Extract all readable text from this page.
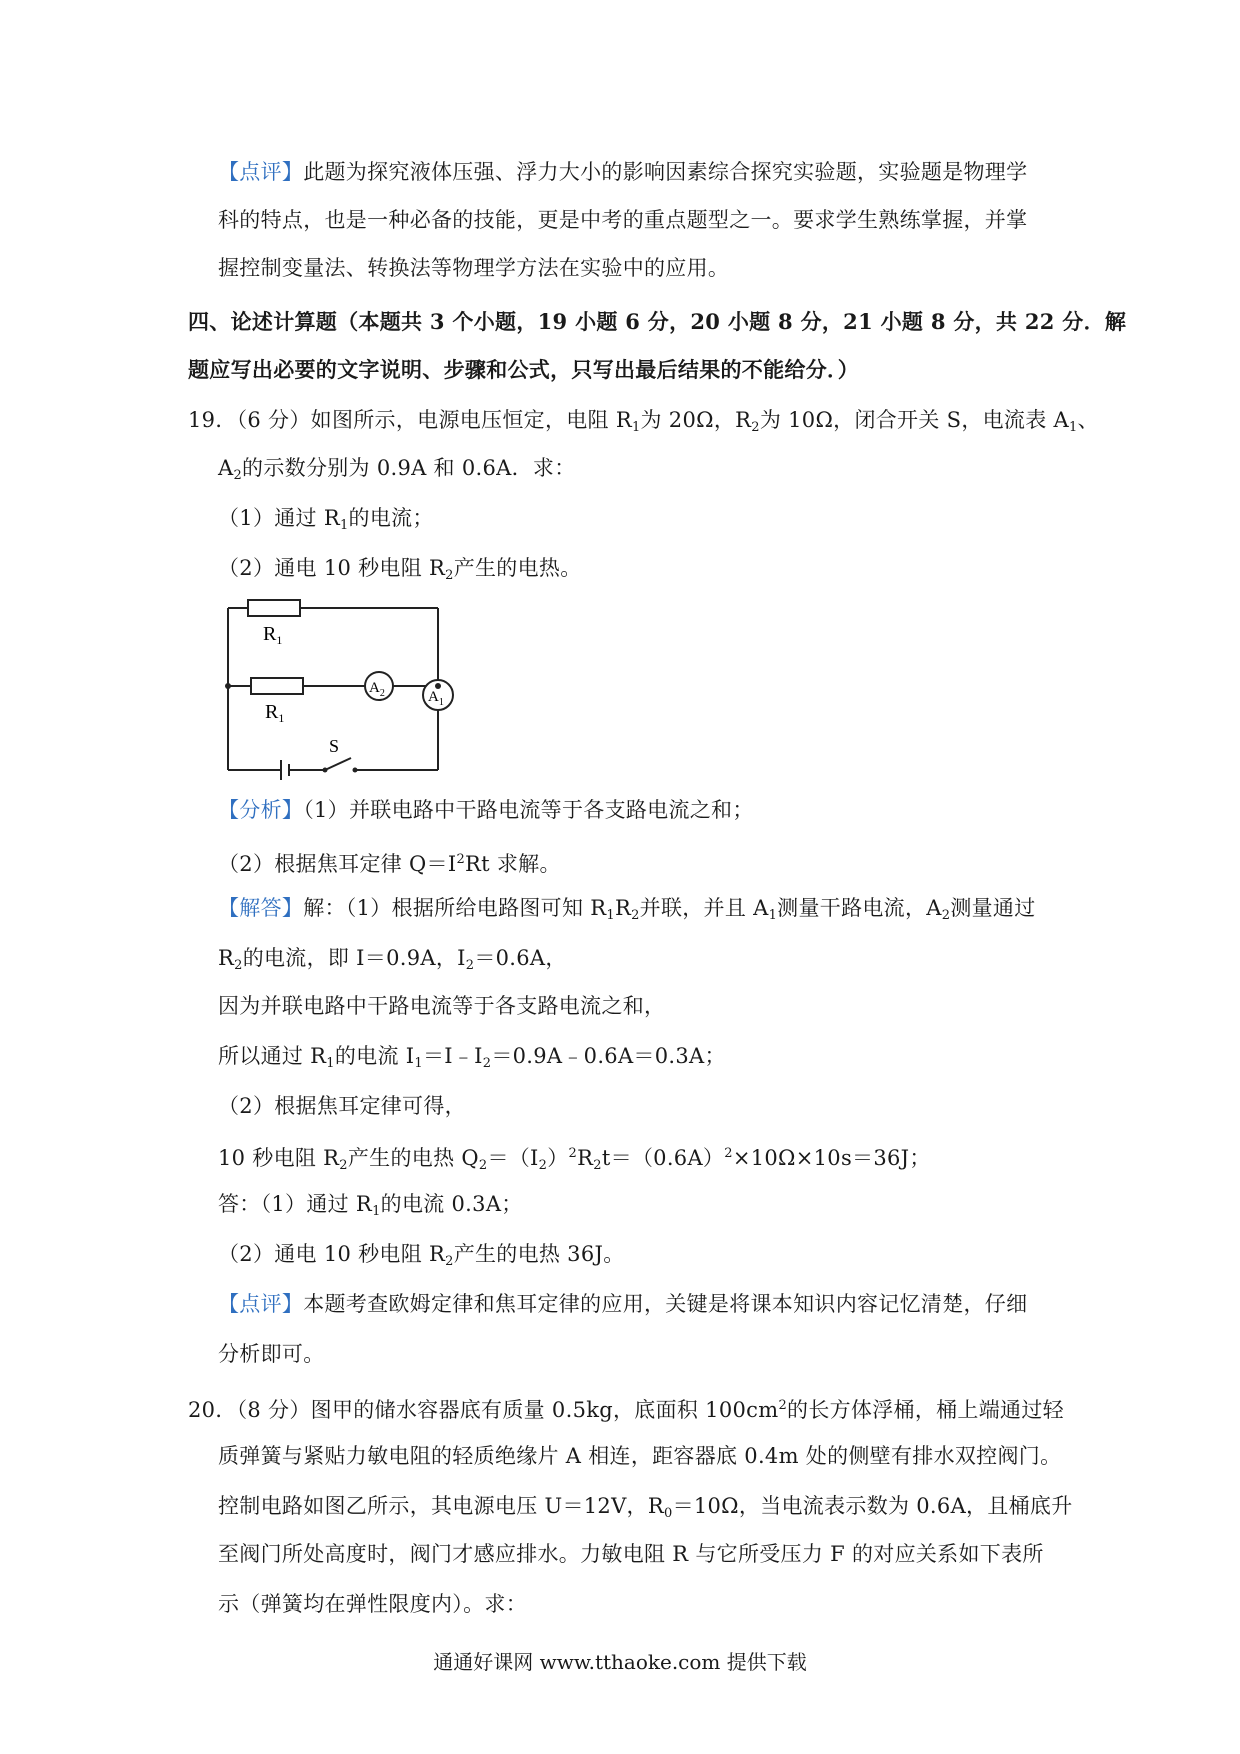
【点评】此题为探究液体压强、浮力大小的影响因素综合探究实验题，实验题是物理学
科的特点，也是一种必备的技能，更是中考的重点题型之一。要求学生熟练掌握，并掌
握控制变量法、转换法等物理学方法在实验中的应用。
四、论述计算题（本题共 3 个小题，19 小题 6 分，20 小题 8 分，21 小题 8 分，共 22 分．解
题应写出必要的文字说明、步骤和公式，只写出最后结果的不能给分．）
19．（6 分）如图所示，电源电压恒定，电阻 $R_1$为 20Ω，$R_2$为 10Ω，闭合开关 S，电流表 $A_1$、
$A_2$的示数分别为 0.9A 和 0.6A．求：
（1）通过 $R_1$的电流；
（2）通电 10 秒电阻 $R_2$产生的电热。
$R_1$
$R_1$
$A_2$	$A_1$
S
【分析】（1）并联电路中干路电流等于各支路电流之和；
（2）根据焦耳定律 $Q=I^2Rt$ 求解。
【解答】解：（1）根据所给电路图可知 $R_1R_2$并联，并且 $A_1$测量干路电流，$A_2$测量通过
$R_2$的电流，即 I＝0.9A，$I_2=0.6A$，
因为并联电路中干路电流等于各支路电流之和，
所以通过 $R_1$的电流 $I_1=I﹣I_2=0.9A﹣0.6A=0.3A$；
（2）根据焦耳定律可得，
10 秒电阻 $R_2$产生的电热 $Q_2=(I_2)^2R_2t=(0.6A)^2\times 10\Omega\times 10s=36J$；
答：（1）通过 $R_1$的电流 0.3A；
（2）通电 10 秒电阻 $R_2$产生的电热 36J。
【点评】本题考查欧姆定律和焦耳定律的应用，关键是将课本知识内容记忆清楚，仔细
分析即可。
20．（8 分）图甲的储水容器底有质量 0.5kg，底面积 $100cm^2$的长方体浮桶，桶上端通过轻
质弹簧与紧贴力敏电阻的轻质绝缘片 A 相连，距容器底 0.4m 处的侧壁有排水双控阀门。
控制电路如图乙所示，其电源电压 U＝12V，$R_0=10\Omega$，当电流表示数为 0.6A，且桶底升
至阀门所处高度时，阀门才感应排水。力敏电阻 R 与它所受压力 F 的对应关系如下表所
示（弹簧均在弹性限度内）。求：
通通好课网 www.tthaoke.com 提供下载
